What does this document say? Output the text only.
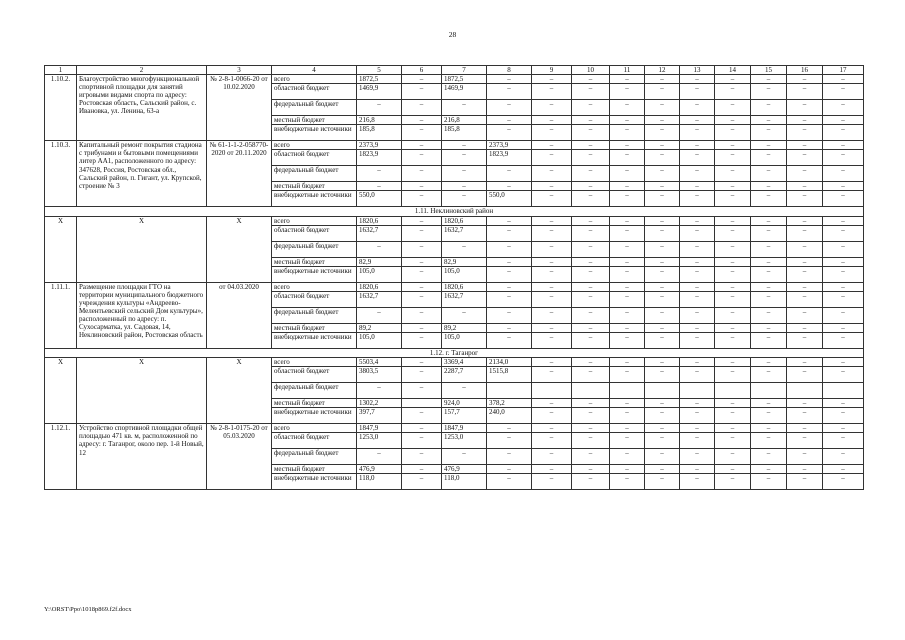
28
1	2	3	4	5	6	7	8	9	10	11	12	13	14	15	16	17
1.10.2.	Благоустройство многофункциональной спортивной площадки для занятий игровыми видами спорта по адресу: Ростовская область, Сальский район, с. Ивановка, ул. Ленина, 63-а	№ 2-8-1-0066-20 от 10.02.2020	всего	1872,5	–	1872,5	–	–	–	–	–	–	–	–	–	–
			областной бюджет	1469,9	–	1469,9	–	–	–	–	–	–	–	–	–	–
			федеральный бюджет	–	–	–	–	–	–	–	–	–	–	–	–	–
			местный бюджет	216,8	–	216,8	–	–	–	–	–	–	–	–	–	–
			внебюджетные источники	185,8	–	185,8	–	–	–	–	–	–	–	–	–	–
1.10.3.	Капитальный ремонт покрытия стадиона с трибунами и бытовыми помещениями литер АА1, расположенного по адресу: 347628, Россия, Ростовская обл., Сальский район, п. Гигант, ул. Крупской, строение № 3	№ 61-1-1-2-058770-2020 от 20.11.2020	всего	2373,9	–	–	2373,9	–	–	–	–	–	–	–	–	–
			областной бюджет	1823,9	–	–	1823,9	–	–	–	–	–	–	–	–	–
			федеральный бюджет	–	–	–	–	–	–	–	–	–	–	–	–	–
			местный бюджет	–	–	–	–	–	–	–	–	–	–	–	–	–
			внебюджетные источники	550,0	–	–	550,0	–	–	–	–	–	–	–	–	–
1.11. Неклиновский район																
X	X	X	всего	1820,6	–	1820,6	–	–	–	–	–	–	–	–	–	–
			областной бюджет	1632,7	–	1632,7	–	–	–	–	–	–	–	–	–	–
			федеральный бюджет	–	–	–	–	–	–	–	–	–	–	–	–	–
			местный бюджет	82,9	–	82,9	–	–	–	–	–	–	–	–	–	–
			внебюджетные источники	105,0	–	105,0	–	–	–	–	–	–	–	–	–	–
1.11.1.	Размещение площадки ГТО на территории муниципального бюджетного учреждения культуры «Андреево-Мелентьевский сельский Дом культуры», расположенный по адресу: п. Сухосарматка, ул. Садовая, 14, Неклиновский район, Ростовская область	от 04.03.2020	всего	1820,6	–	1820,6	–	–	–	–	–	–	–	–	–	–
			областной бюджет	1632,7	–	1632,7	–	–	–	–	–	–	–	–	–	–
			федеральный бюджет	–	–	–	–	–	–	–	–	–	–	–	–	–
			местный бюджет	89,2	–	89,2	–	–	–	–	–	–	–	–	–	–
			внебюджетные источники	105,0	–	105,0	–	–	–	–	–	–	–	–	–	–
1.12. г. Таганрог																
X	X	X	всего	5503,4	–	3369,4	2134,0	–	–	–	–	–	–	–	–	–
			областной бюджет	3803,5	–	2287,7	1515,8	–	–	–	–	–	–	–	–	–
			федеральный бюджет	–	–	–										
			местный бюджет	1302,2		924,0	378,2	–	–	–	–	–	–	–	–	–
			внебюджетные источники	397,7	–	157,7	240,0	–	–	–	–	–	–	–	–	–
1.12.1.	Устройство спортивной площадки общей площадью 471 кв. м, расположенной по адресу: г. Таганрог, около пер. 1-й Новый, 12	№ 2-8-1-0175-20 от 05.03.2020	всего	1847,9	–	1847,9	–	–	–	–	–	–	–	–	–	–
			областной бюджет	1253,0	–	1253,0	–	–	–	–	–	–	–	–	–	–
			федеральный бюджет	–	–	–	–	–	–	–	–	–	–	–	–	–
			местный бюджет	476,9	–	476,9	–	–	–	–	–	–	–	–	–	–
			внебюджетные источники	118,0	–	118,0	–	–	–	–	–	–	–	–	–	–
Y:\ORST\Ppo\1018p869.f2f.docx
